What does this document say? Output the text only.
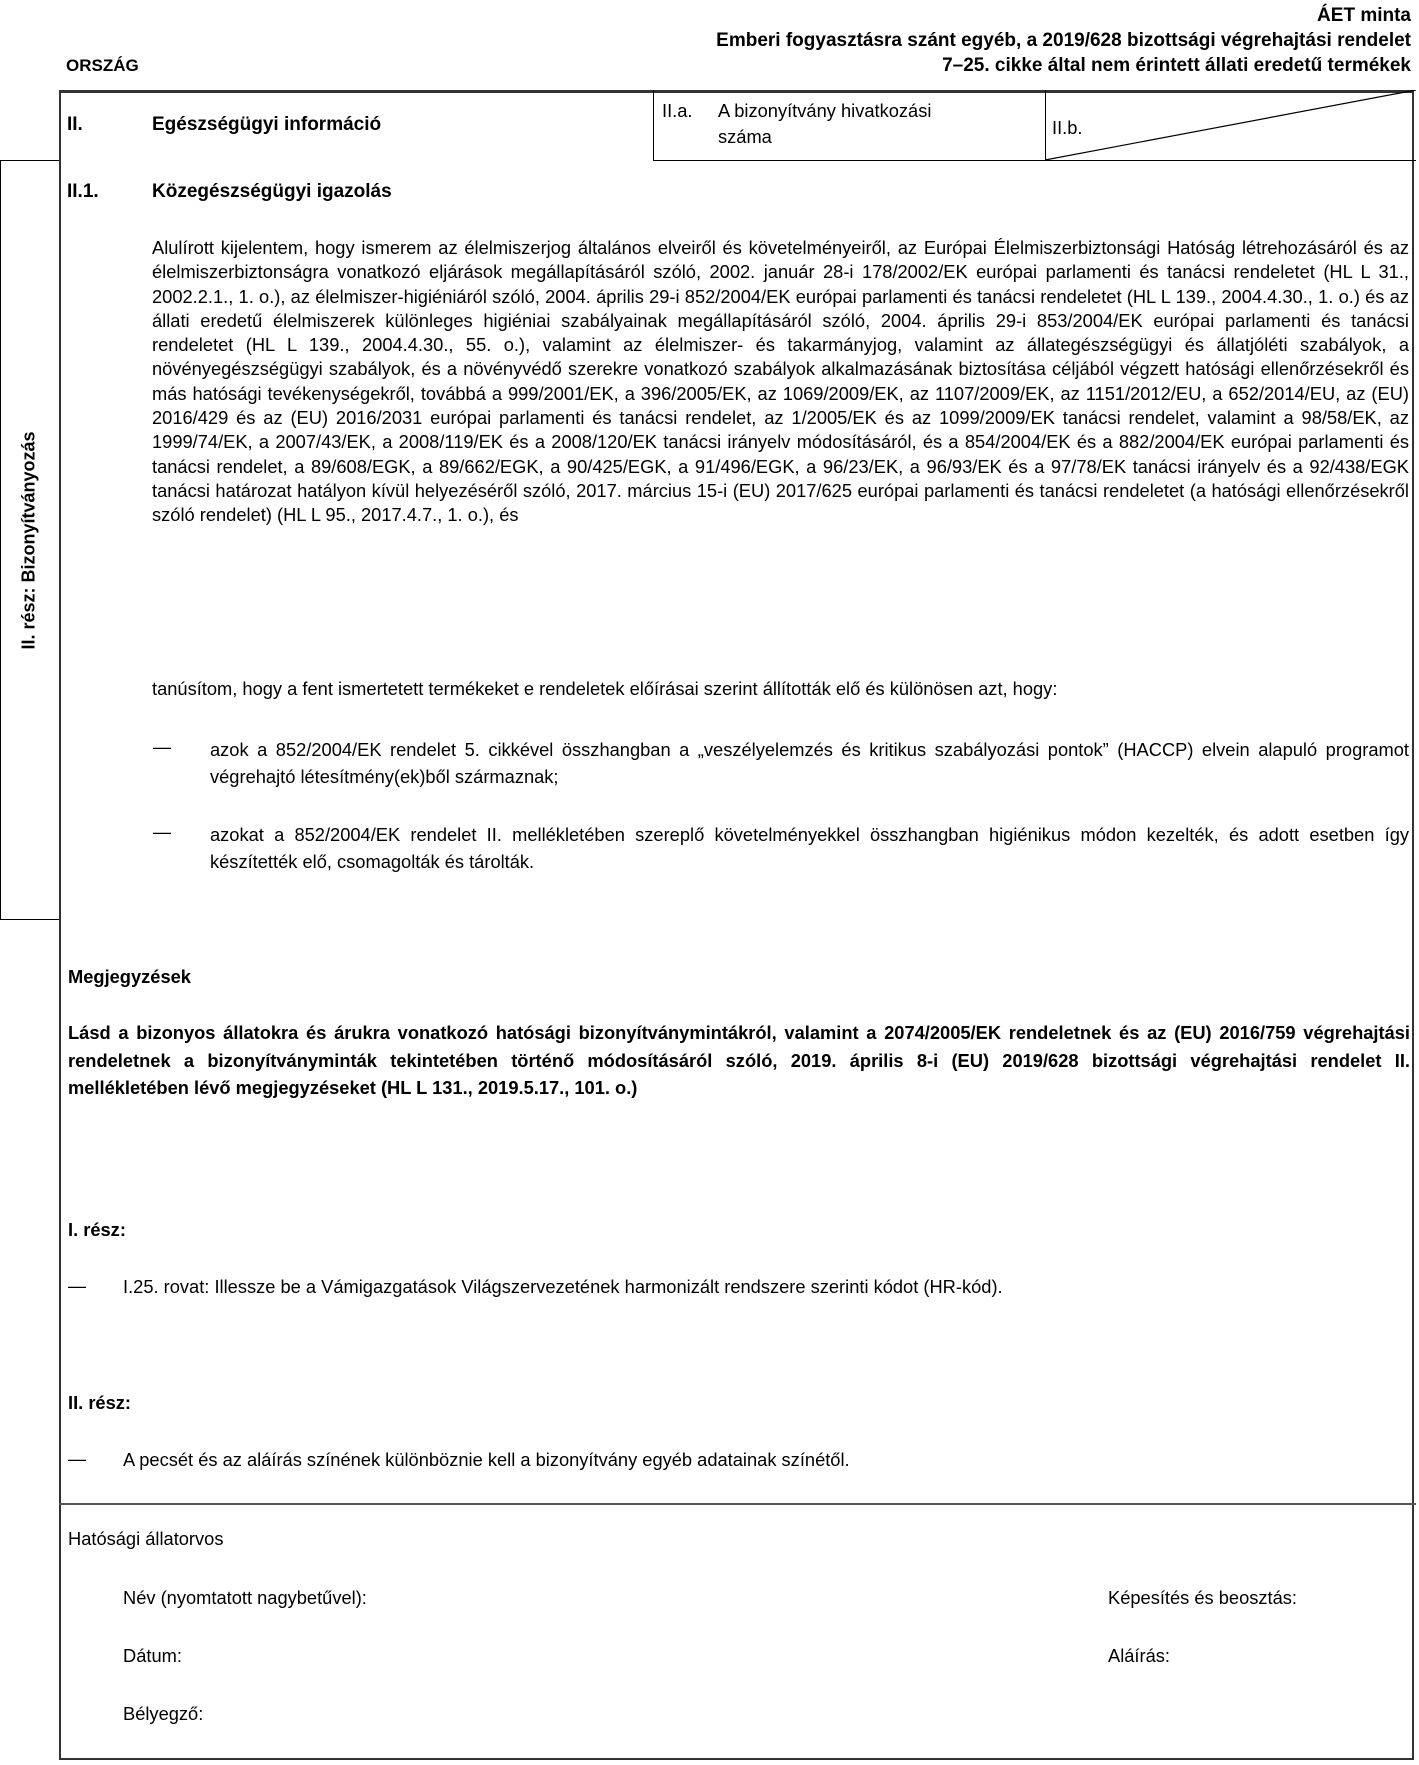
ÁET minta
Emberi fogyasztásra szánt egyéb, a 2019/628 bizottsági végrehajtási rendelet
7–25. cikke által nem érintett állati eredetű termékek
ORSZÁG
II.	Egészségügyi információ
II.a. A bizonyítvány hivatkozási
száma	II.b.
II. rész: Bizonyítványozás
II.1.	Közegészségügyi igazolás
Alulírott kijelentem, hogy ismerem az élelmiszerjog általános elveiről és követelményeiről, az Európai Élelmiszerbiztonsági Hatóság létrehozásáról és az élelmiszerbiztonságra vonatkozó eljárások megállapításáról szóló, 2002. január 28-i 178/2002/EK európai parlamenti és tanácsi rendeletet (HL L 31., 2002.2.1., 1. o.), az élelmiszer-higiéniáról szóló, 2004. április 29-i 852/2004/EK európai parlamenti és tanácsi rendeletet (HL L 139., 2004.4.30., 1. o.) és az állati eredetű élelmiszerek különleges higiéniai szabályainak megállapításáról szóló, 2004. április 29-i 853/2004/EK európai parlamenti és tanácsi rendeletet (HL L 139., 2004.4.30., 55. o.), valamint az élelmiszer- és takarmányjog, valamint az állategészségügyi és állatjóléti szabályok, a növényegészségügyi szabályok, és a növényvédő szerekre vonatkozó szabályok alkalmazásának biztosítása céljából végzett hatósági ellenőrzésekről és más hatósági tevékenységekről, továbbá a 999/2001/EK, a 396/2005/EK, az 1069/2009/EK, az 1107/2009/EK, az 1151/2012/EU, a 652/2014/EU, az (EU) 2016/429 és az (EU) 2016/2031 európai parlamenti és tanácsi rendelet, az 1/2005/EK és az 1099/2009/EK tanácsi rendelet, valamint a 98/58/EK, az 1999/74/EK, a 2007/43/EK, a 2008/119/EK és a 2008/120/EK tanácsi irányelv módosításáról, és a 854/2004/EK és a 882/2004/EK európai parlamenti és tanácsi rendelet, a 89/608/EGK, a 89/662/EGK, a 90/425/EGK, a 91/496/EGK, a 96/23/EK, a 96/93/EK és a 97/78/EK tanácsi irányelv és a 92/438/EGK tanácsi határozat hatályon kívül helyezéséről szóló, 2017. március 15-i (EU) 2017/625 európai parlamenti és tanácsi rendeletet (a hatósági ellenőrzésekről szóló rendelet) (HL L 95., 2017.4.7., 1. o.), és
tanúsítom, hogy a fent ismertetett termékeket e rendeletek előírásai szerint állították elő és különösen azt, hogy:
— azok a 852/2004/EK rendelet 5. cikkével összhangban a „veszélyelemzés és kritikus szabályozási pontok” (HACCP) elvein alapuló programot végrehajtó létesítmény(ek)ből származnak;
— azokat a 852/2004/EK rendelet II. mellékletében szereplő követelményekkel összhangban higiénikus módon kezelték, és adott esetben így készítették elő, csomagolták és tárolták.
Megjegyzések
Lásd a bizonyos állatokra és árukra vonatkozó hatósági bizonyítványmintákról, valamint a 2074/2005/EK rendeletnek és az (EU) 2016/759 végrehajtási rendeletnek a bizonyítványminták tekintetében történő módosításáról szóló, 2019. április 8-i (EU) 2019/628 bizottsági végrehajtási rendelet II. mellékletében lévő megjegyzéseket (HL L 131., 2019.5.17., 101. o.)
I. rész:
— I.25. rovat: Illessze be a Vámigazgatások Világszervezetének harmonizált rendszere szerinti kódot (HR-kód).
II. rész:
— A pecsét és az aláírás színének különböznie kell a bizonyítvány egyéb adatainak színétől.
Hatósági állatorvos
Név (nyomtatott nagybetűvel):	Képesítés és beosztás:
Dátum:	Aláírás:
Bélyegző:
